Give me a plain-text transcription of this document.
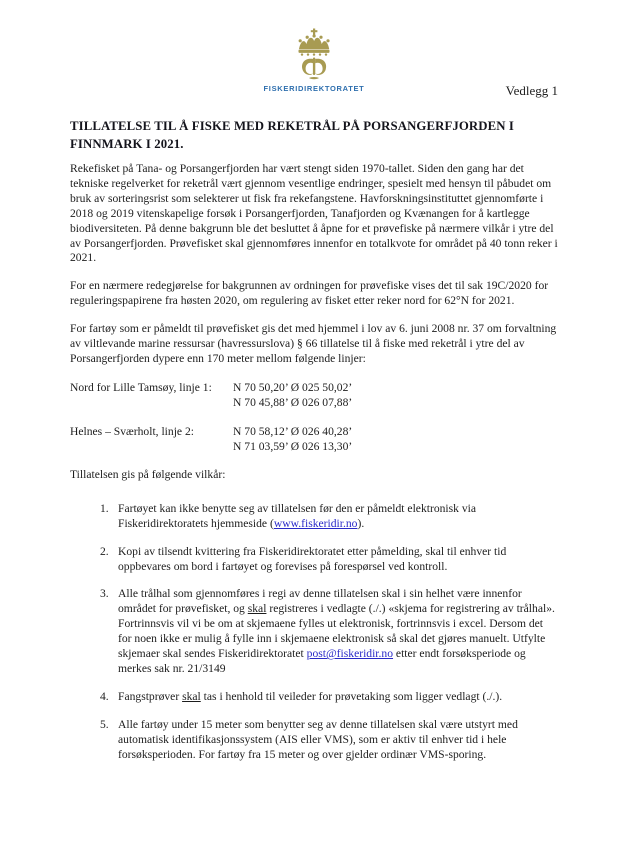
FISKERIDIREKTORATET	Vedlegg 1
TILLATELSE TIL Å FISKE MED REKETRÅL PÅ PORSANGERFJORDEN I FINNMARK I 2021.

Rekefisket på Tana- og Porsangerfjorden har vært stengt siden 1970-tallet. Siden den gang har det tekniske regelverket for reketrål vært gjennom vesentlige endringer, spesielt med hensyn til påbudet om bruk av sorteringsrist som selekterer ut fisk fra rekefangstene. Havforskningsinstituttet gjennomførte i 2018 og 2019 vitenskapelige forsøk i Porsangerfjorden, Tanafjorden og Kvænangen for å kartlegge biodiversiteten. På denne bakgrunn ble det besluttet å åpne for et prøvefiske på nærmere vilkår i ytre del av Porsangerfjorden. Prøvefisket skal gjennomføres innenfor en totalkvote for området på 40 tonn reker i 2021.

For en nærmere redegjørelse for bakgrunnen av ordningen for prøvefiske vises det til sak 19C/2020 for reguleringspapirene fra høsten 2020, om regulering av fisket etter reker nord for 62°N for 2021.

For fartøy som er påmeldt til prøvefisket gis det med hjemmel i lov av 6. juni 2008 nr. 37 om forvaltning av viltlevande marine ressursar (havressurslova) § 66 tillatelse til å fiske med reketrål i ytre del av Porsangerfjorden dypere enn 170 meter mellom følgende linjer:

Nord for Lille Tamsøy, linje 1:	N 70 50,20’ Ø 025 50,02’
N 70 45,88’ Ø 026 07,88’
Helnes – Sværholt, linje 2:	N 70 58,12’ Ø 026 40,28’
N 71 03,59’ Ø 026 13,30’

Tillatelsen gis på følgende vilkår:

1. Fartøyet kan ikke benytte seg av tillatelsen før den er påmeldt elektronisk via Fiskeridirektoratets hjemmeside (www.fiskeridir.no).
2. Kopi av tilsendt kvittering fra Fiskeridirektoratet etter påmelding, skal til enhver tid oppbevares om bord i fartøyet og forevises på forespørsel ved kontroll.
3. Alle trålhal som gjennomføres i regi av denne tillatelsen skal i sin helhet være innenfor området for prøvefisket, og skal registreres i vedlagte (./.) «skjema for registrering av trålhal». Fortrinnsvis vil vi be om at skjemaene fylles ut elektronisk, fortrinnsvis i excel. Dersom det for noen ikke er mulig å fylle inn i skjemaene elektronisk så skal det gjøres manuelt. Utfylte skjemaer skal sendes Fiskeridirektoratet post@fiskeridir.no etter endt forsøksperiode og merkes sak nr. 21/3149
4. Fangstprøver skal tas i henhold til veileder for prøvetaking som ligger vedlagt (./.).
5. Alle fartøy under 15 meter som benytter seg av denne tillatelsen skal være utstyrt med automatisk identifikasjonssystem (AIS eller VMS), som er aktiv til enhver tid i hele forsøksperioden. For fartøy fra 15 meter og over gjelder ordinær VMS-sporing.
